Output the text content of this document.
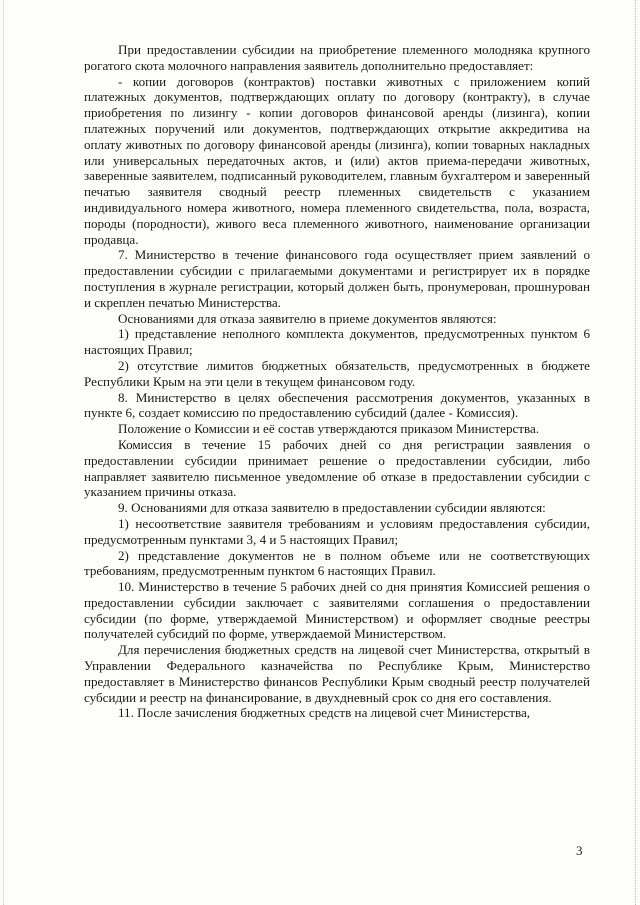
При предоставлении субсидии на приобретение племенного молодняка крупного рогатого скота молочного направления заявитель дополнительно предоставляет:

- копии договоров (контрактов) поставки животных с приложением копий платежных документов, подтверждающих оплату по договору (контракту), в случае приобретения по лизингу - копии договоров финансовой аренды (лизинга), копии платежных поручений или документов, подтверждающих открытие аккредитива на оплату животных по договору финансовой аренды (лизинга), копии товарных накладных или универсальных передаточных актов, и (или) актов приема-передачи животных, заверенные заявителем, подписанный руководителем, главным бухгалтером и заверенный печатью заявителя сводный реестр племенных свидетельств с указанием индивидуального номера животного, номера племенного свидетельства, пола, возраста, породы (породности), живого веса племенного животного, наименование организации продавца.

7. Министерство в течение финансового года осуществляет прием заявлений о предоставлении субсидии с прилагаемыми документами и регистрирует их в порядке поступления в журнале регистрации, который должен быть, пронумерован, прошнурован и скреплен печатью Министерства.

Основаниями для отказа заявителю в приеме документов являются:

1) представление неполного комплекта документов, предусмотренных пунктом 6 настоящих Правил;

2) отсутствие лимитов бюджетных обязательств, предусмотренных в бюджете Республики Крым на эти цели в текущем финансовом году.

8. Министерство в целях обеспечения рассмотрения документов, указанных в пункте 6, создает комиссию по предоставлению субсидий (далее - Комиссия).

Положение о Комиссии и её состав утверждаются приказом Министерства.

Комиссия в течение 15 рабочих дней со дня регистрации заявления о предоставлении субсидии принимает решение о предоставлении субсидии, либо направляет заявителю письменное уведомление об отказе в предоставлении субсидии с указанием причины отказа.

9. Основаниями для отказа заявителю в предоставлении субсидии являются:

1) несоответствие заявителя требованиям и условиям предоставления субсидии, предусмотренным пунктами 3, 4 и 5 настоящих Правил;

2) представление документов не в полном объеме или не соответствующих требованиям, предусмотренным пунктом 6 настоящих Правил.

10. Министерство в течение 5 рабочих дней со дня принятия Комиссией решения о предоставлении субсидии заключает с заявителями соглашения о предоставлении субсидии (по форме, утверждаемой Министерством) и оформляет сводные реестры получателей субсидий по форме, утверждаемой Министерством.

Для перечисления бюджетных средств на лицевой счет Министерства, открытый в Управлении Федерального казначейства по Республике Крым, Министерство предоставляет в Министерство финансов Республики Крым сводный реестр получателей субсидии и реестр на финансирование, в двухдневный срок со дня его составления.

11. После зачисления бюджетных средств на лицевой счет Министерства,

3
